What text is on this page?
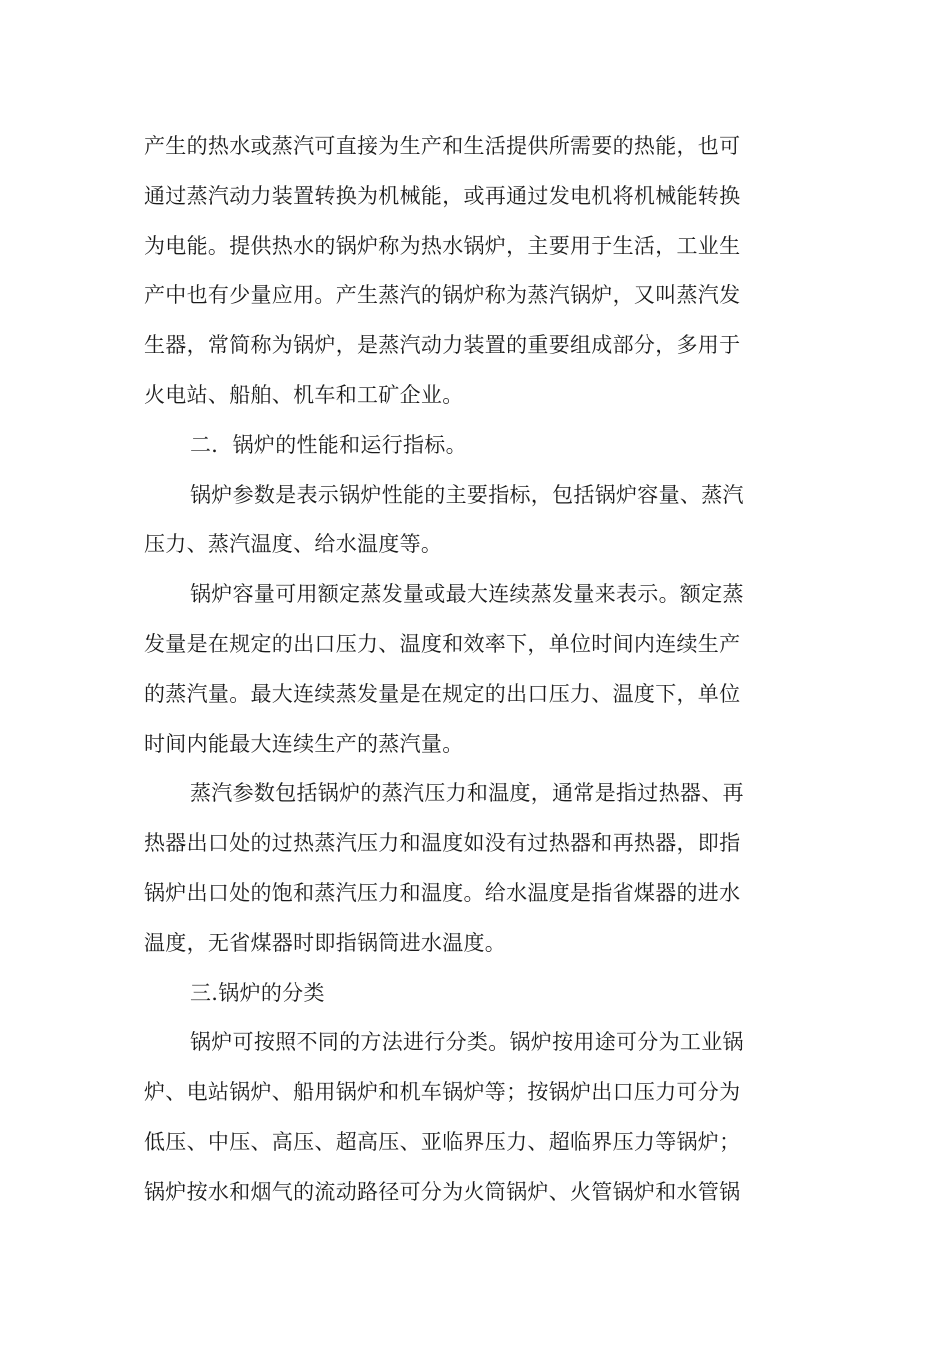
产生的热水或蒸汽可直接为生产和生活提供所需要的热能，也可
通过蒸汽动力装置转换为机械能，或再通过发电机将机械能转换
为电能。提供热水的锅炉称为热水锅炉，主要用于生活，工业生
产中也有少量应用。产生蒸汽的锅炉称为蒸汽锅炉，又叫蒸汽发
生器，常简称为锅炉，是蒸汽动力装置的重要组成部分，多用于
火电站、船舶、机车和工矿企业。
二．锅炉的性能和运行指标。
锅炉参数是表示锅炉性能的主要指标，包括锅炉容量、蒸汽
压力、蒸汽温度、给水温度等。
锅炉容量可用额定蒸发量或最大连续蒸发量来表示。额定蒸
发量是在规定的出口压力、温度和效率下，单位时间内连续生产
的蒸汽量。最大连续蒸发量是在规定的出口压力、温度下，单位
时间内能最大连续生产的蒸汽量。
蒸汽参数包括锅炉的蒸汽压力和温度，通常是指过热器、再
热器出口处的过热蒸汽压力和温度如没有过热器和再热器，即指
锅炉出口处的饱和蒸汽压力和温度。给水温度是指省煤器的进水
温度，无省煤器时即指锅筒进水温度。
三.锅炉的分类
锅炉可按照不同的方法进行分类。锅炉按用途可分为工业锅
炉、电站锅炉、船用锅炉和机车锅炉等；按锅炉出口压力可分为
低压、中压、高压、超高压、亚临界压力、超临界压力等锅炉；
锅炉按水和烟气的流动路径可分为火筒锅炉、火管锅炉和水管锅
